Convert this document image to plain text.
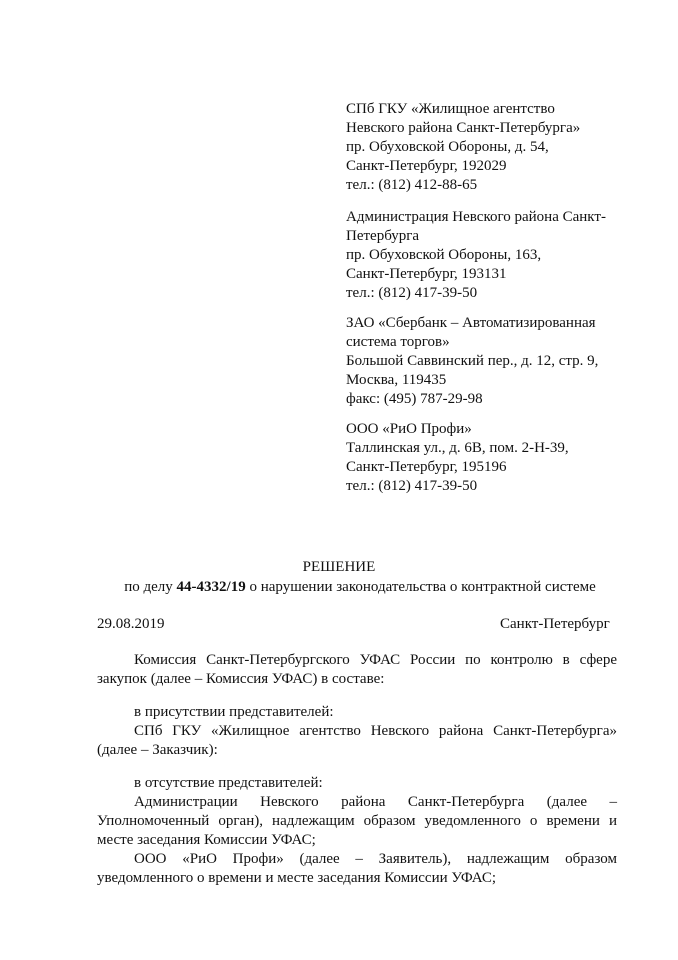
СПб ГКУ «Жилищное агентство
Невского района Санкт-Петербурга»
пр. Обуховской Обороны, д. 54,
Санкт-Петербург, 192029
тел.: (812) 412-88-65
Администрация Невского района Санкт-
Петербурга
пр. Обуховской Обороны, 163,
Санкт-Петербург, 193131
тел.: (812) 417-39-50
ЗАО «Сбербанк – Автоматизированная
система торгов»
Большой Саввинский пер., д. 12, стр. 9,
Москва, 119435
факс: (495) 787-29-98
ООО «РиО Профи»
Таллинская ул., д. 6В, пом. 2-Н-39,
Санкт-Петербург, 195196
тел.: (812) 417-39-50
РЕШЕНИЕ
по делу 44-4332/19 о нарушении законодательства о контрактной системе
29.08.2019	Санкт-Петербург
Комиссия Санкт-Петербургского УФАС России по контролю в сфере закупок (далее – Комиссия УФАС) в составе:
в присутствии представителей:
СПб ГКУ «Жилищное агентство Невского района Санкт-Петербурга» (далее – Заказчик):
в отсутствие представителей:
Администрации Невского района Санкт-Петербурга (далее – Уполномоченный орган), надлежащим образом уведомленного о времени и месте заседания Комиссии УФАС;
ООО «РиО Профи» (далее – Заявитель), надлежащим образом уведомленного о времени и месте заседания Комиссии УФАС;
